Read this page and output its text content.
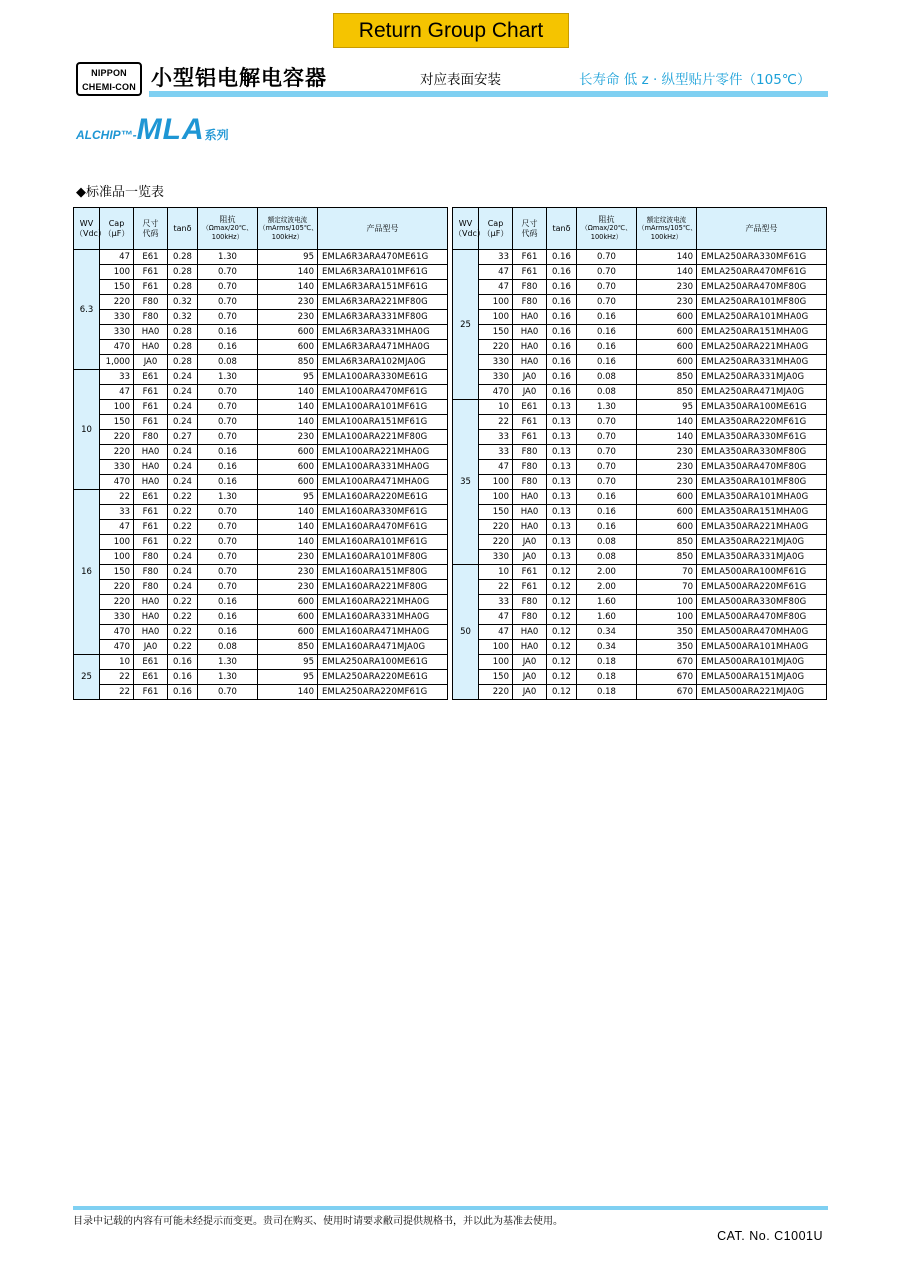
Return Group Chart
NIPPON
CHEMI-CON 小型铝电解电容器	对应表面安装	长寿命 低 z · 纵型贴片零件（105℃）
ALCHIP™-MLA系列
◆标准品一览表
WV
（Vdc）	Cap
（μF）	尺寸
代码	tanδ	阻抗
（Ωmax/20℃、
100kHz）	额定纹波电流
（mArms/105℃、
100kHz）	产品型号
6.3	47	E61	0.28	1.30	95	EMLA6R3ARA470ME61G
	100	F61	0.28	0.70	140	EMLA6R3ARA101MF61G
	150	F61	0.28	0.70	140	EMLA6R3ARA151MF61G
	220	F80	0.32	0.70	230	EMLA6R3ARA221MF80G
	330	F80	0.32	0.70	230	EMLA6R3ARA331MF80G
	330	HA0	0.28	0.16	600	EMLA6R3ARA331MHA0G
	470	HA0	0.28	0.16	600	EMLA6R3ARA471MHA0G
	1,000	JA0	0.28	0.08	850	EMLA6R3ARA102MJA0G
10	33	E61	0.24	1.30	95	EMLA100ARA330ME61G
	47	F61	0.24	0.70	140	EMLA100ARA470MF61G
	100	F61	0.24	0.70	140	EMLA100ARA101MF61G
	150	F61	0.24	0.70	140	EMLA100ARA151MF61G
	220	F80	0.27	0.70	230	EMLA100ARA221MF80G
	220	HA0	0.24	0.16	600	EMLA100ARA221MHA0G
	330	HA0	0.24	0.16	600	EMLA100ARA331MHA0G
	470	HA0	0.24	0.16	600	EMLA100ARA471MHA0G
16	22	E61	0.22	1.30	95	EMLA160ARA220ME61G
	33	F61	0.22	0.70	140	EMLA160ARA330MF61G
	47	F61	0.22	0.70	140	EMLA160ARA470MF61G
	100	F61	0.22	0.70	140	EMLA160ARA101MF61G
	100	F80	0.24	0.70	230	EMLA160ARA101MF80G
	150	F80	0.24	0.70	230	EMLA160ARA151MF80G
	220	F80	0.24	0.70	230	EMLA160ARA221MF80G
	220	HA0	0.22	0.16	600	EMLA160ARA221MHA0G
	330	HA0	0.22	0.16	600	EMLA160ARA331MHA0G
	470	HA0	0.22	0.16	600	EMLA160ARA471MHA0G
	470	JA0	0.22	0.08	850	EMLA160ARA471MJA0G
25	10	E61	0.16	1.30	95	EMLA250ARA100ME61G
	22	E61	0.16	1.30	95	EMLA250ARA220ME61G
	22	F61	0.16	0.70	140	EMLA250ARA220MF61G
WV
（Vdc）	Cap
（μF）	尺寸
代码	tanδ	阻抗
（Ωmax/20℃、
100kHz）	额定纹波电流
（mArms/105℃、
100kHz）	产品型号
25	33	F61	0.16	0.70	140	EMLA250ARA330MF61G
	47	F61	0.16	0.70	140	EMLA250ARA470MF61G
	47	F80	0.16	0.70	230	EMLA250ARA470MF80G
	100	F80	0.16	0.70	230	EMLA250ARA101MF80G
	100	HA0	0.16	0.16	600	EMLA250ARA101MHA0G
	150	HA0	0.16	0.16	600	EMLA250ARA151MHA0G
	220	HA0	0.16	0.16	600	EMLA250ARA221MHA0G
	330	HA0	0.16	0.16	600	EMLA250ARA331MHA0G
	330	JA0	0.16	0.08	850	EMLA250ARA331MJA0G
	470	JA0	0.16	0.08	850	EMLA250ARA471MJA0G
35	10	E61	0.13	1.30	95	EMLA350ARA100ME61G
	22	F61	0.13	0.70	140	EMLA350ARA220MF61G
	33	F61	0.13	0.70	140	EMLA350ARA330MF61G
	33	F80	0.13	0.70	230	EMLA350ARA330MF80G
	47	F80	0.13	0.70	230	EMLA350ARA470MF80G
	100	F80	0.13	0.70	230	EMLA350ARA101MF80G
	100	HA0	0.13	0.16	600	EMLA350ARA101MHA0G
	150	HA0	0.13	0.16	600	EMLA350ARA151MHA0G
	220	HA0	0.13	0.16	600	EMLA350ARA221MHA0G
	220	JA0	0.13	0.08	850	EMLA350ARA221MJA0G
	330	JA0	0.13	0.08	850	EMLA350ARA331MJA0G
50	10	F61	0.12	2.00	70	EMLA500ARA100MF61G
	22	F61	0.12	2.00	70	EMLA500ARA220MF61G
	33	F80	0.12	1.60	100	EMLA500ARA330MF80G
	47	F80	0.12	1.60	100	EMLA500ARA470MF80G
	47	HA0	0.12	0.34	350	EMLA500ARA470MHA0G
	100	HA0	0.12	0.34	350	EMLA500ARA101MHA0G
	100	JA0	0.12	0.18	670	EMLA500ARA101MJA0G
	150	JA0	0.12	0.18	670	EMLA500ARA151MJA0G
	220	JA0	0.12	0.18	670	EMLA500ARA221MJA0G
目录中记载的内容有可能未经提示而变更。贵司在购买、使用时请要求敝司提供规格书，并以此为基准去使用。
CAT. No. C1001U
